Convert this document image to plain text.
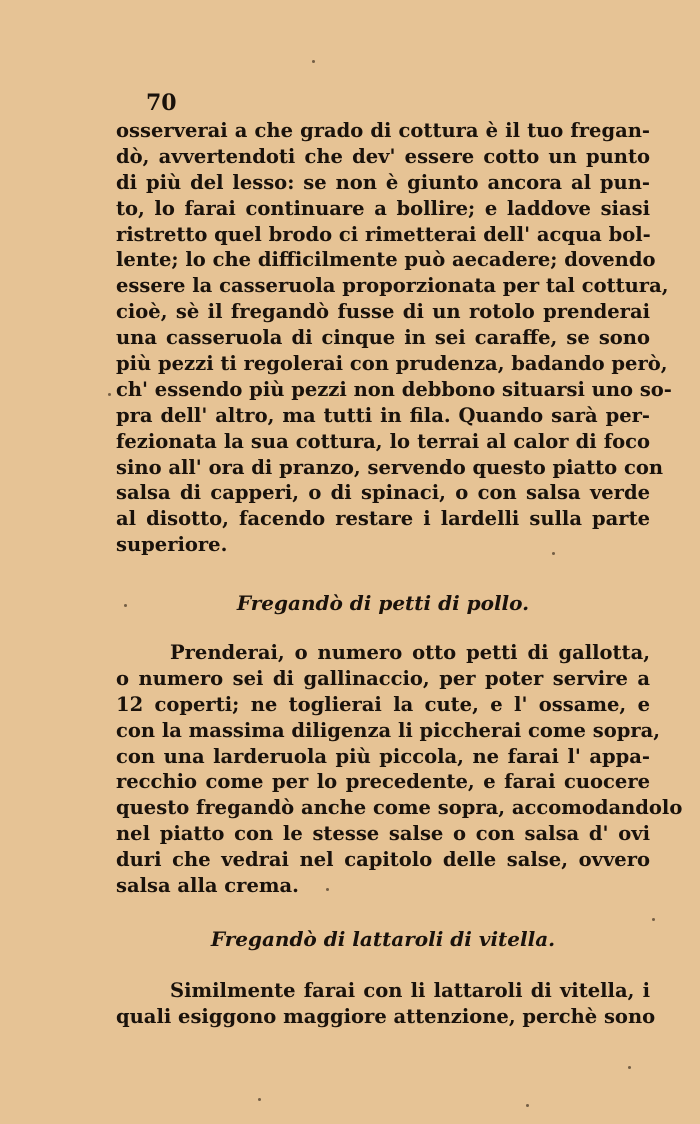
70
osserverai a che grado di cottura è il tuo fregan-
dò, avvertendoti che dev' essere cotto un punto
di più del lesso: se non è giunto ancora al pun-
to, lo farai continuare a bollire; e laddove siasi
ristretto quel brodo ci rimetterai dell' acqua bol-
lente; lo che difficilmente può aecadere; dovendo
essere la casseruola proporzionata per tal cottura,
cioè, sè il fregandò fusse di un rotolo prenderai
una casseruola di cinque in sei caraffe, se sono
più pezzi ti regolerai con prudenza, badando però,
ch' essendo più pezzi non debbono situarsi uno so-
pra dell' altro, ma tutti in fila. Quando sarà per-
fezionata la sua cottura, lo terrai al calor di foco
sino all' ora di pranzo, servendo questo piatto con
salsa di capperi, o di spinaci, o con salsa verde
al disotto, facendo restare i lardelli sulla parte
superiore.
Fregandò di petti di pollo.
Prenderai, o numero otto petti di gallotta,
o numero sei di gallinaccio, per poter servire a
12 coperti; ne toglierai la cute, e l' ossame, e
con la massima diligenza li piccherai come sopra,
con una larderuola più piccola, ne farai l' appa-
recchio come per lo precedente, e farai cuocere
questo fregandò anche come sopra, accomodandolo
nel piatto con le stesse salse o con salsa d' ovi
duri che vedrai nel capitolo delle salse, ovvero
salsa alla crema.
Fregandò di lattaroli di vitella.
Similmente farai con li lattaroli di vitella, i
quali esiggono maggiore attenzione, perchè sono
